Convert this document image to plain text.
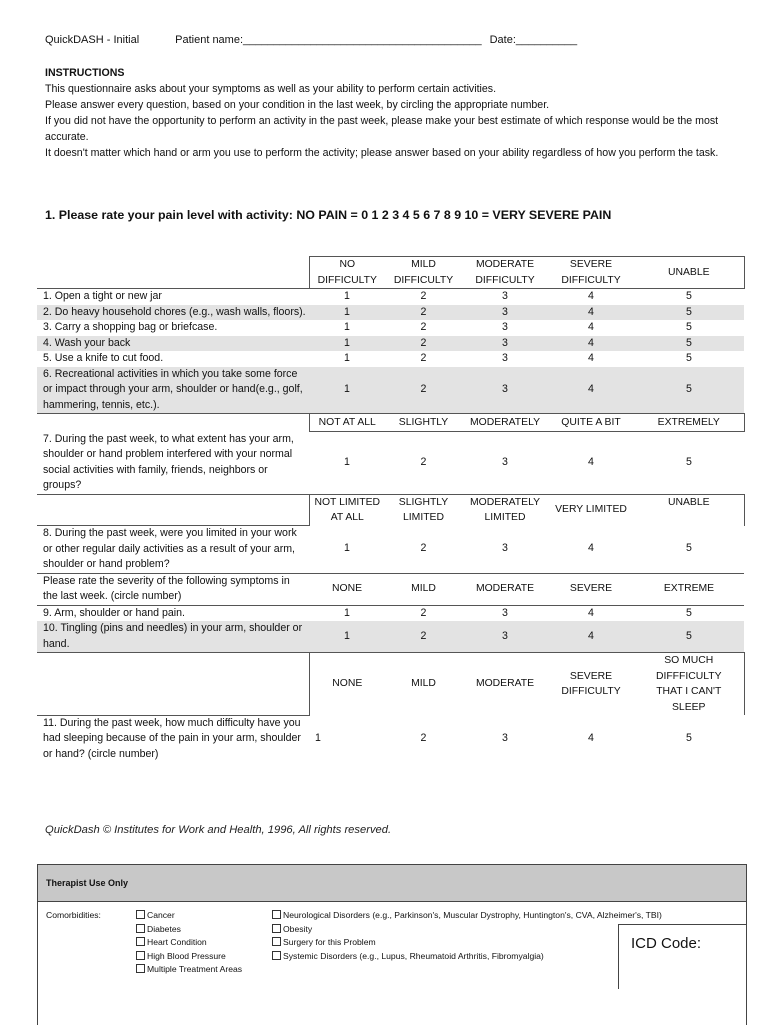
QuickDASH - Initial	Patient name:_______________________________________ Date:__________
INSTRUCTIONS
This questionnaire asks about your symptoms as well as your ability to perform certain activities.
Please answer every question, based on your condition in the last week, by circling the appropriate number.
If you did not have the opportunity to perform an activity in the past week, please make your best estimate of which response would be the most accurate.
It doesn't matter which hand or arm you use to perform the activity; please answer based on your ability regardless of how you perform the task.
1. Please rate your pain level with activity: NO PAIN = 0 1 2 3 4 5 6 7 8 9 10 = VERY SEVERE PAIN
	NO DIFFICULTY	MILD DIFFICULTY	MODERATE DIFFICULTY	SEVERE DIFFICULTY	UNABLE
1. Open a tight or new jar	1	2	3	4	5
2. Do heavy household chores (e.g., wash walls, floors).	1	2	3	4	5
3. Carry a shopping bag or briefcase.	1	2	3	4	5
4. Wash your back	1	2	3	4	5
5. Use a knife to cut food.	1	2	3	4	5
6. Recreational activities in which you take some force or impact through your arm, shoulder or hand(e.g., golf, hammering, tennis, etc.).	1	2	3	4	5
	NOT AT ALL	SLIGHTLY	MODERATELY	QUITE A BIT	EXTREMELY
7. During the past week, to what extent has your arm, shoulder or hand problem interfered with your normal social activities with family, friends, neighbors or groups?	1	2	3	4	5
	NOT LIMITED AT ALL	SLIGHTLY LIMITED	MODERATELY LIMITED	VERY LIMITED	UNABLE
8. During the past week, were you limited in your work or other regular daily activities as a result of your arm, shoulder or hand problem?	1	2	3	4	5
Please rate the severity of the following symptoms in the last week. (circle number)	NONE	MILD	MODERATE	SEVERE	EXTREME
9. Arm, shoulder or hand pain.	1	2	3	4	5
10. Tingling (pins and needles) in your arm, shoulder or hand.	1	2	3	4	5
	NONE	MILD	MODERATE	SEVERE DIFFICULTY	SO MUCH DIFFFICULTY THAT I CAN'T SLEEP
11. During the past week, how much difficulty have you had sleeping because of the pain in your arm, shoulder or hand? (circle number)	1	2	3	4	5
QuickDash © Institutes for Work and Health, 1996, All rights reserved.
Therapist Use Only
Comorbidities:	Cancer
Diabetes
Heart Condition
High Blood Pressure
Multiple Treatment Areas
Neurological Disorders (e.g., Parkinson's, Muscular Dystrophy, Huntington's, CVA, Alzheimer's, TBI)
Obesity
Surgery for this Problem
Systemic Disorders (e.g., Lupus, Rheumatoid Arthritis, Fibromyalgia)
ICD Code:
